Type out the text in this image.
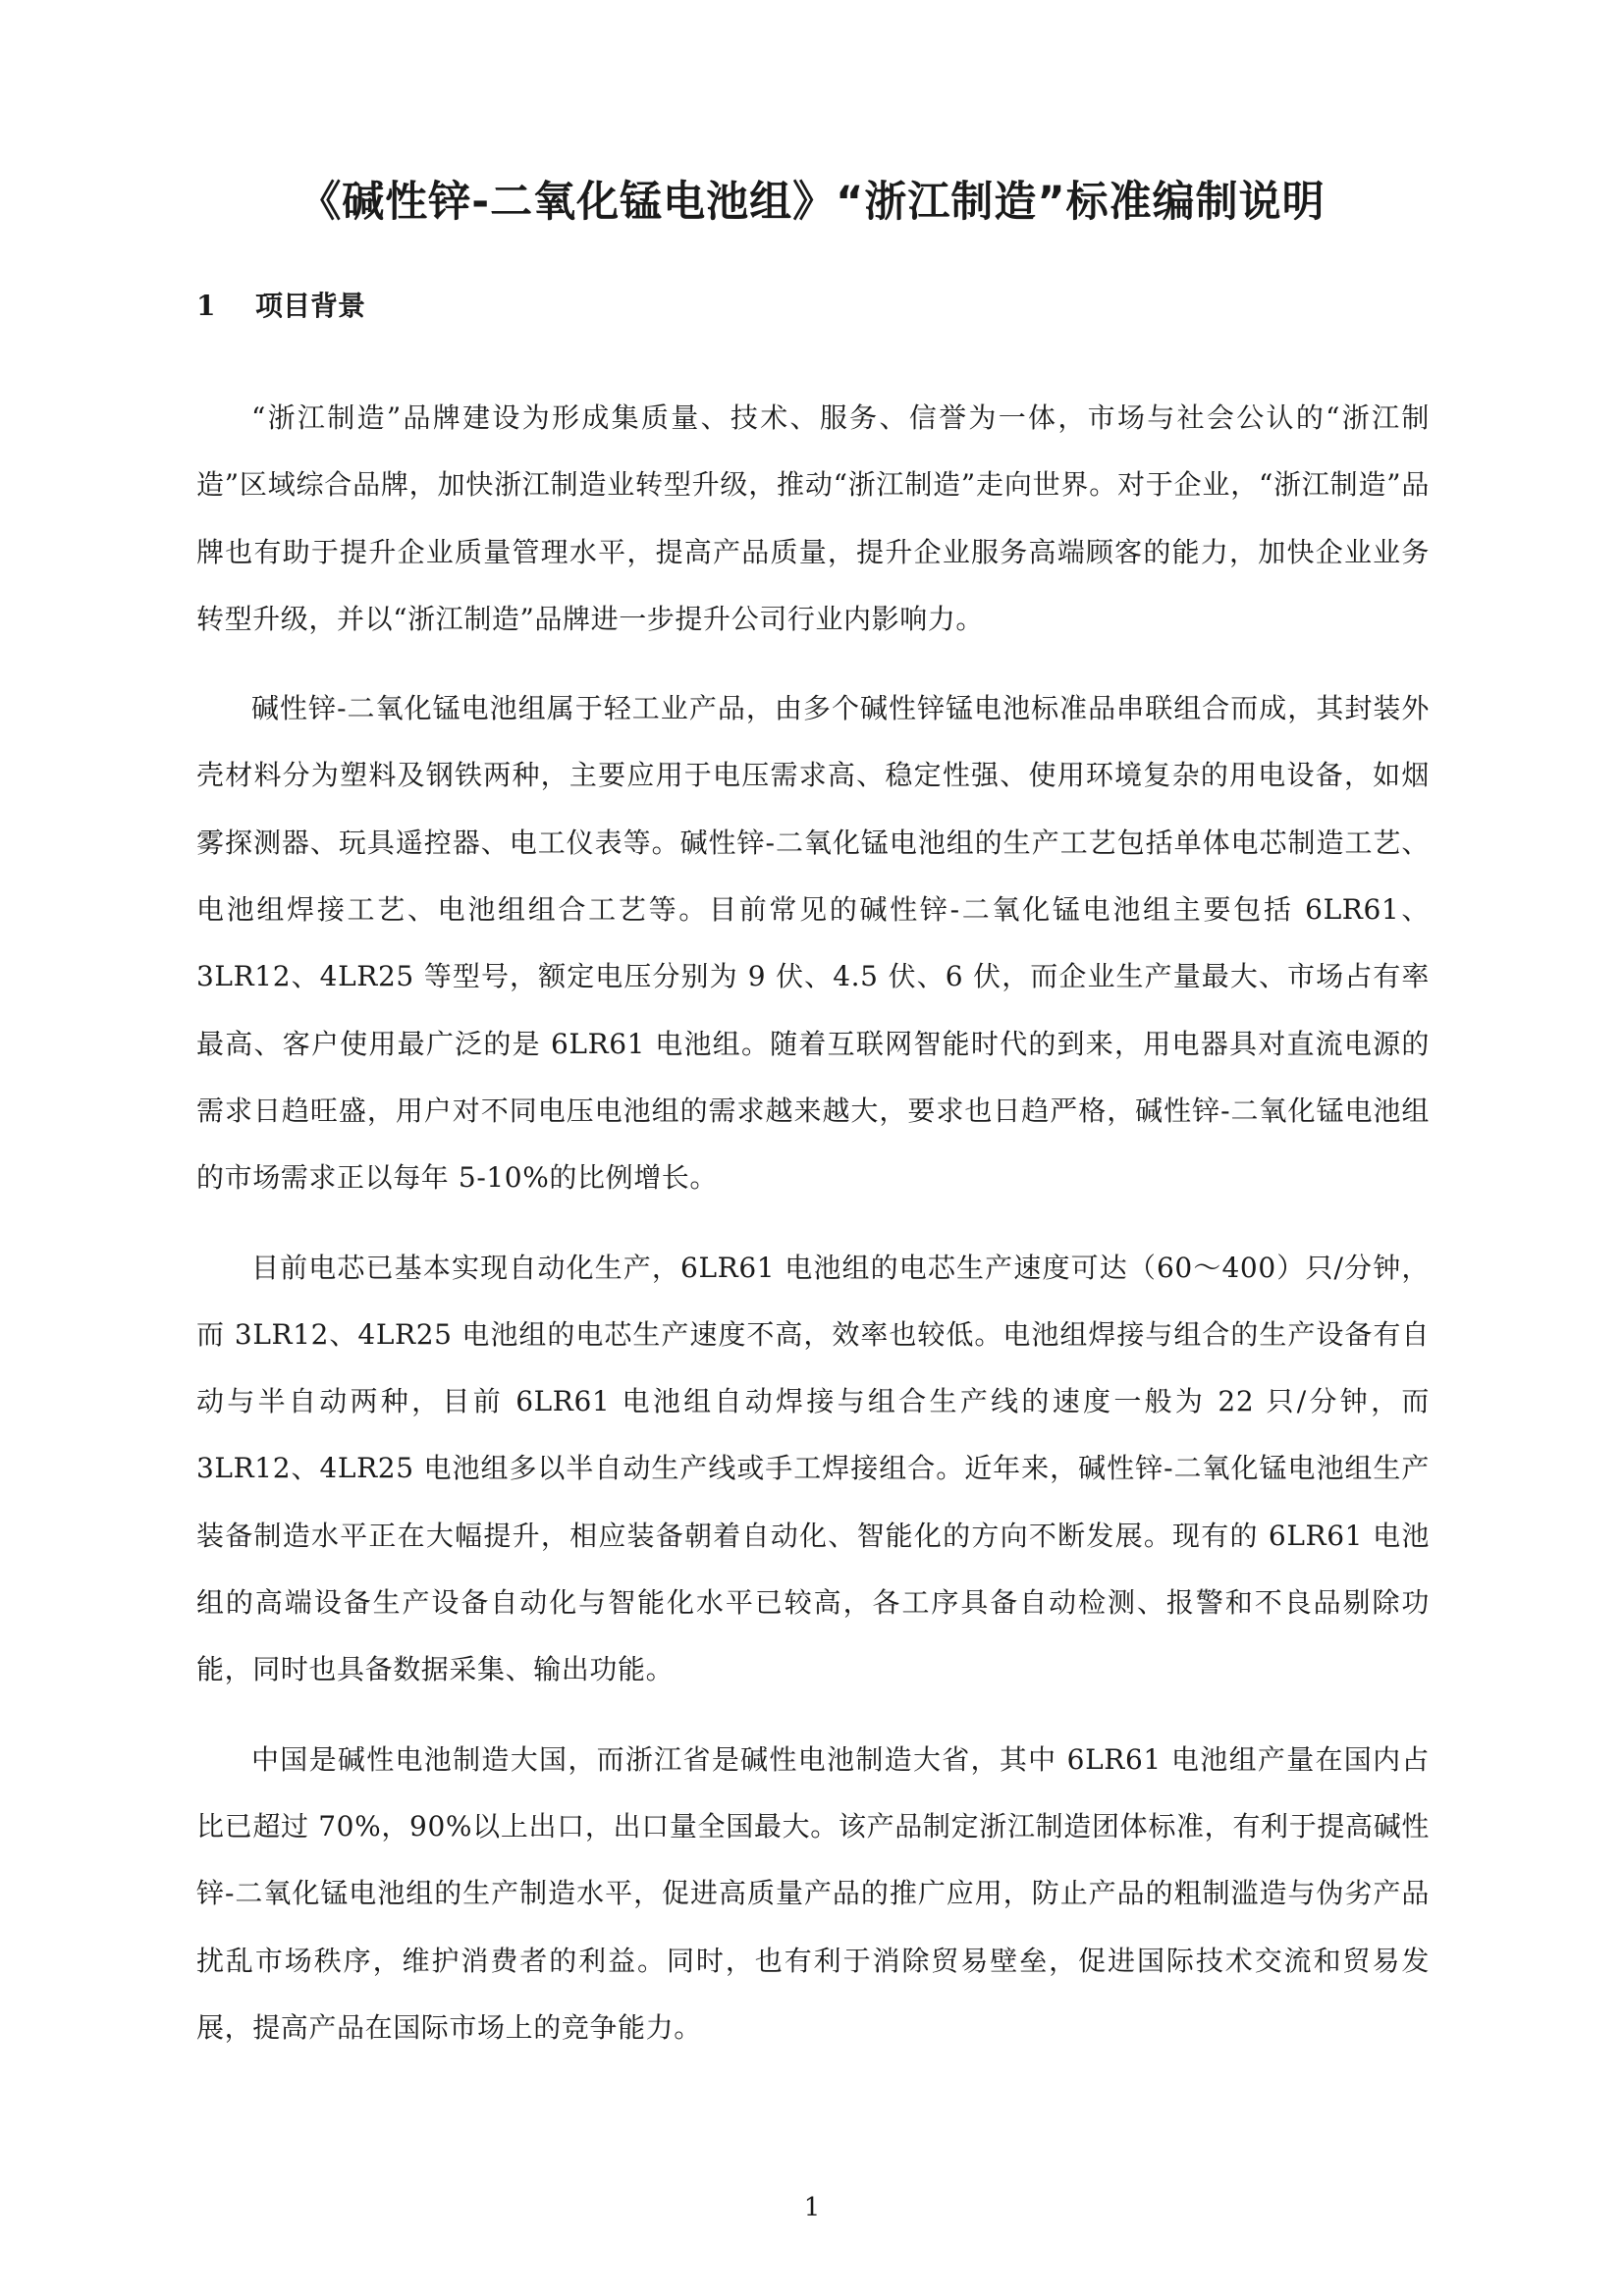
《碱性锌-二氧化锰电池组》“浙江制造”标准编制说明
1 项目背景

“浙江制造”品牌建设为形成集质量、技术、服务、信誉为一体，市场与社会公认的“浙江制造”区域综合品牌，加快浙江制造业转型升级，推动“浙江制造”走向世界。对于企业，“浙江制造”品牌也有助于提升企业质量管理水平，提高产品质量，提升企业服务高端顾客的能力，加快企业业务转型升级，并以“浙江制造”品牌进一步提升公司行业内影响力。

碱性锌-二氧化锰电池组属于轻工业产品，由多个碱性锌锰电池标准品串联组合而成，其封装外壳材料分为塑料及钢铁两种，主要应用于电压需求高、稳定性强、使用环境复杂的用电设备，如烟雾探测器、玩具遥控器、电工仪表等。碱性锌-二氧化锰电池组的生产工艺包括单体电芯制造工艺、电池组焊接工艺、电池组组合工艺等。目前常见的碱性锌-二氧化锰电池组主要包括 6LR61、3LR12、4LR25 等型号，额定电压分别为 9 伏、4.5 伏、6 伏，而企业生产量最大、市场占有率最高、客户使用最广泛的是 6LR61 电池组。随着互联网智能时代的到来，用电器具对直流电源的需求日趋旺盛，用户对不同电压电池组的需求越来越大，要求也日趋严格，碱性锌-二氧化锰电池组的市场需求正以每年 5-10%的比例增长。

目前电芯已基本实现自动化生产，6LR61 电池组的电芯生产速度可达（60～400）只/分钟，而 3LR12、4LR25 电池组的电芯生产速度不高，效率也较低。电池组焊接与组合的生产设备有自动与半自动两种，目前 6LR61 电池组自动焊接与组合生产线的速度一般为 22 只/分钟，而 3LR12、4LR25 电池组多以半自动生产线或手工焊接组合。近年来，碱性锌-二氧化锰电池组生产装备制造水平正在大幅提升，相应装备朝着自动化、智能化的方向不断发展。现有的 6LR61 电池组的高端设备生产设备自动化与智能化水平已较高，各工序具备自动检测、报警和不良品剔除功能，同时也具备数据采集、输出功能。

中国是碱性电池制造大国，而浙江省是碱性电池制造大省，其中 6LR61 电池组产量在国内占比已超过 70%，90%以上出口，出口量全国最大。该产品制定浙江制造团体标准，有利于提高碱性锌-二氧化锰电池组的生产制造水平，促进高质量产品的推广应用，防止产品的粗制滥造与伪劣产品扰乱市场秩序，维护消费者的利益。同时，也有利于消除贸易壁垒，促进国际技术交流和贸易发展，提高产品在国际市场上的竞争能力。

1
